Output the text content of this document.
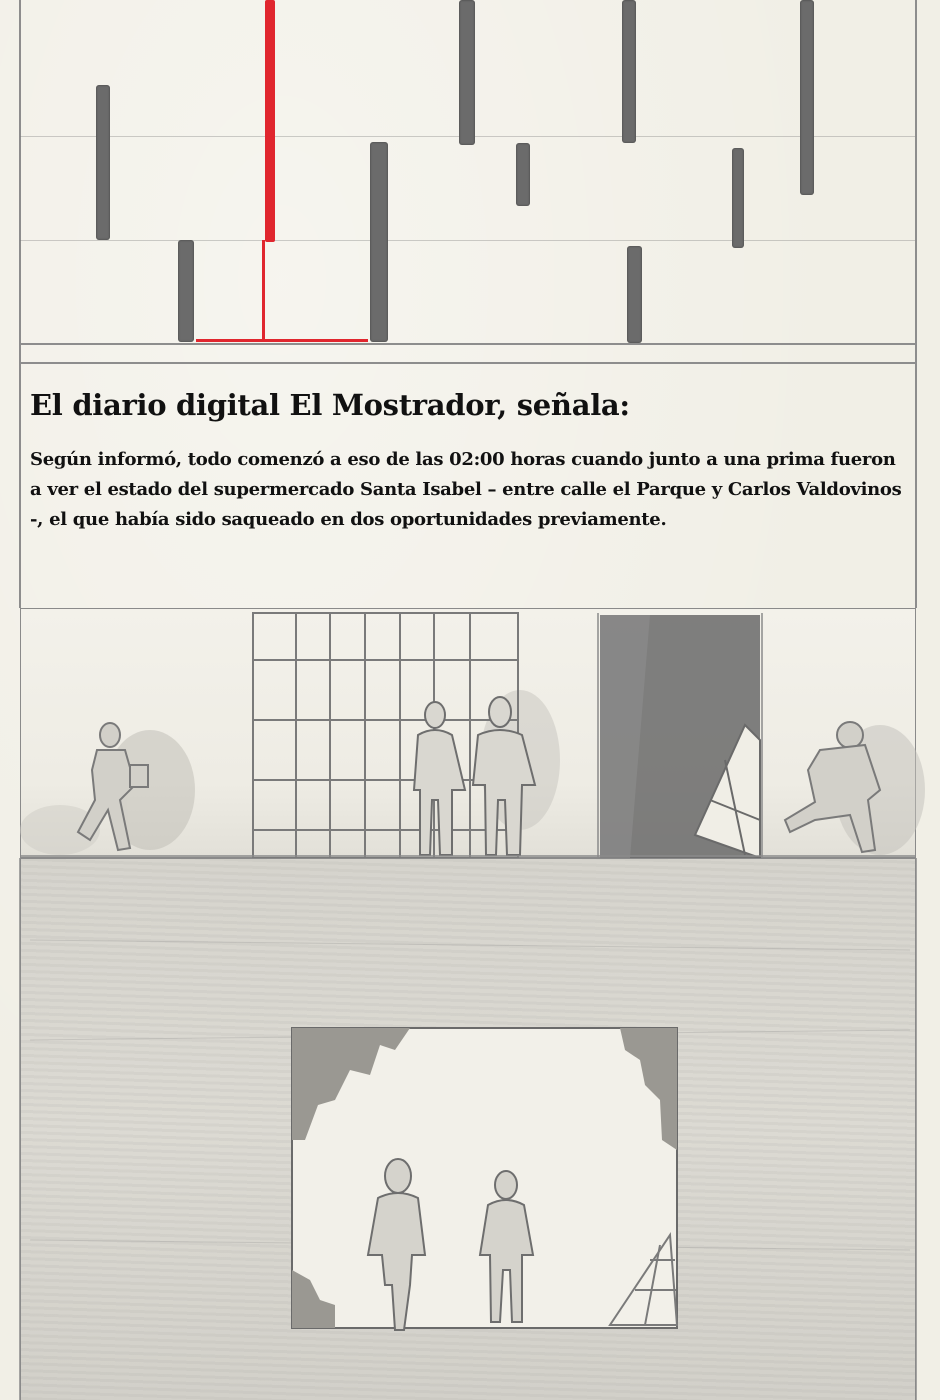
El diario digital El Mostrador, señala:

Según informó, todo comenzó a eso de las 02:00 horas cuando junto a una prima fueron a ver el estado del supermercado Santa Isabel – entre calle el Parque y Carlos Valdovinos -, el que había sido saqueado en dos oportunidades previamente.
